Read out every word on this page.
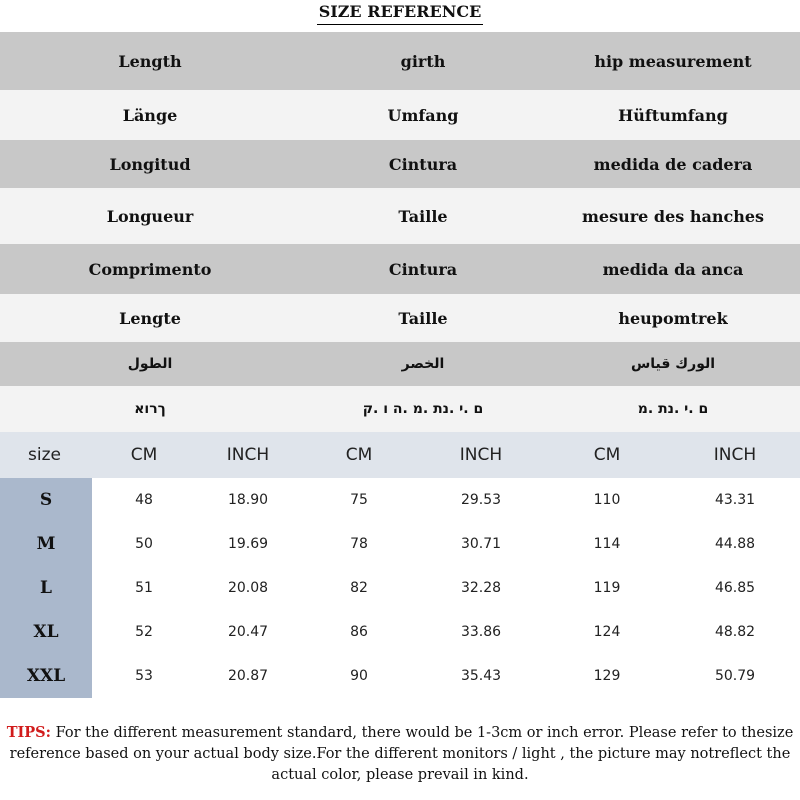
SIZE REFERENCE
Length	girth	hip measurement
Länge	Umfang	Hüftumfang
Longitud	Cintura	medida de cadera
Longueur	Taille	mesure des hanches
Comprimento	Cintura	medida da anca
Lengte	Taille	heupomtrek
الطول	الخصر	الورك قياس
ךרוא	ם .י .נת .מ .ה ו .ק	ם .י .נת .מ
size	CM	INCH	CM	INCH	CM	INCH
S	48	18.90	75	29.53	110	43.31
M	50	19.69	78	30.71	114	44.88
L	51	20.08	82	32.28	119	46.85
XL	52	20.47	86	33.86	124	48.82
XXL	53	20.87	90	35.43	129	50.79
TIPS: For the different measurement standard, there would be 1-3cm or inch error. Please refer to thesize reference based on your actual body size.For the different monitors / light , the picture may notreflect the actual color, please prevail in kind.
